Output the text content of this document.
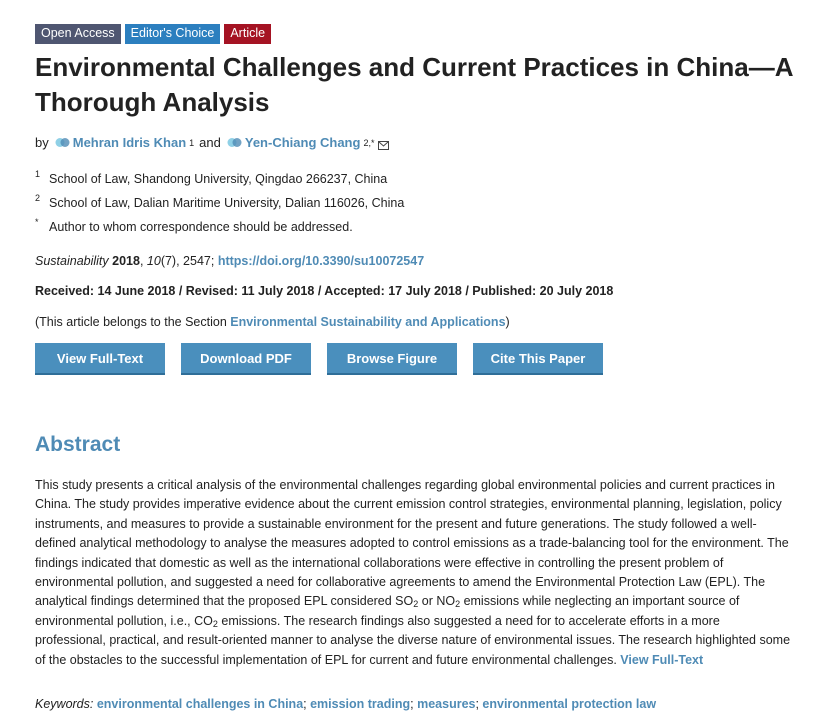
Open Access	Editor's Choice	Article
Environmental Challenges and Current Practices in China—A Thorough Analysis
by Mehran Idris Khan 1 and Yen-Chiang Chang 2,*
1 School of Law, Shandong University, Qingdao 266237, China
2 School of Law, Dalian Maritime University, Dalian 116026, China
* Author to whom correspondence should be addressed.
Sustainability 2018, 10(7), 2547; https://doi.org/10.3390/su10072547
Received: 14 June 2018 / Revised: 11 July 2018 / Accepted: 17 July 2018 / Published: 20 July 2018
(This article belongs to the Section Environmental Sustainability and Applications)
View Full-Text	Download PDF	Browse Figure	Cite This Paper
Abstract
This study presents a critical analysis of the environmental challenges regarding global environmental policies and current practices in China. The study provides imperative evidence about the current emission control strategies, environmental planning, legislation, policy instruments, and measures to provide a sustainable environment for the present and future generations. The study followed a well-defined analytical methodology to analyse the measures adopted to control emissions as a trade-balancing tool for the environment. The findings indicated that domestic as well as the international collaborations were effective in controlling the present problem of environmental pollution, and suggested a need for collaborative agreements to amend the Environmental Protection Law (EPL). The analytical findings determined that the proposed EPL considered $SO_2$ or $NO_2$ emissions while neglecting an important source of environmental pollution, i.e., $CO_2$ emissions. The research findings also suggested a need for to accelerate efforts in a more professional, practical, and result-oriented manner to analyse the diverse nature of environmental issues. The research highlighted some of the obstacles to the successful implementation of EPL for current and future environmental challenges. View Full-Text
Keywords: environmental challenges in China; emission trading; measures; environmental protection law
